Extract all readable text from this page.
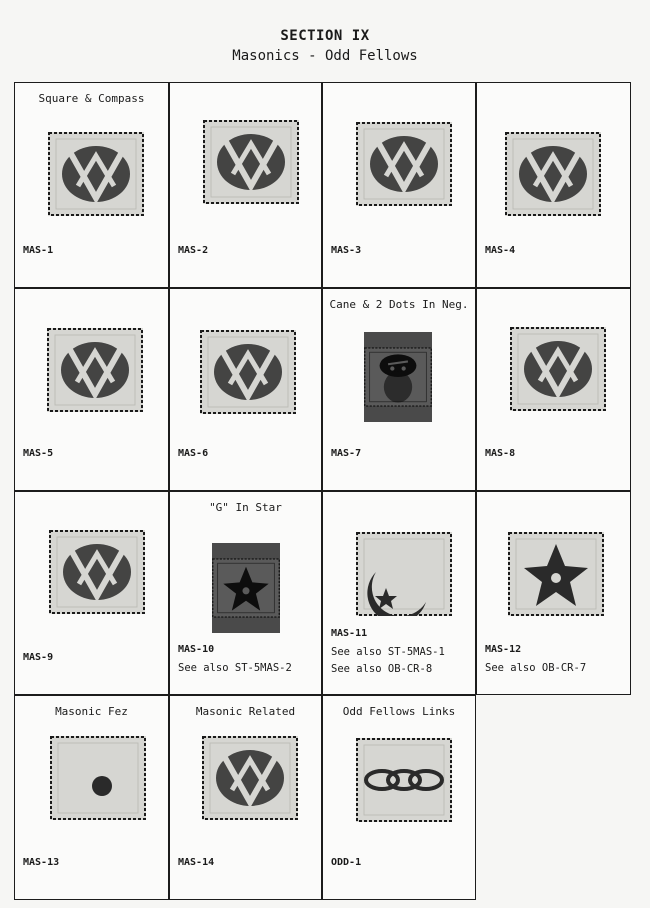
SECTION IX
Masonics - Odd Fellows
Square & Compass
MAS-1	MAS-2	MAS-3	MAS-4
MAS-5	MAS-6
Cane & 2 Dots In Neg.
MAS-7	MAS-8
MAS-9
"G" In Star
MAS-10
See also ST-5MAS-2
MAS-11
See also ST-5MAS-1
See also OB-CR-8
MAS-12
See also OB-CR-7
Masonic Fez
MAS-13
Masonic Related
MAS-14
Odd Fellows Links
ODD-1
